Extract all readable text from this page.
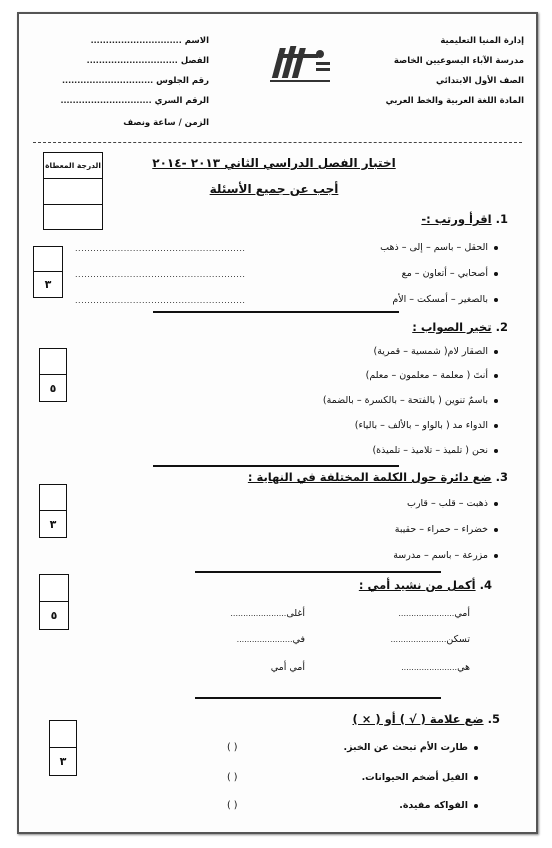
إدارة المنيا التعليمية
مدرسة الآباء اليسوعيين الخاصة
الصف الأول الابتدائي
المادة اللغة العربية والخط العربي
الاسم ..............................
الفصل ..............................
رقم الجلوس ..............................
الرقم السري ..............................
الزمن / ساعة ونصف
اختبار الفصل الدراسي الثاني ٢٠١٣ -٢٠١٤
أجب عن جميع الأسئلة
الدرجة المعطاة
1. اقرأ ورتب :-
٣
الحقل – باسم – إلى – ذهب
........................................................
أصحابي – أتعاون – مع
........................................................
بالصغير – أمسكت – الأم
........................................................
2. تخير الصواب :
٥
الصقار لام( شمسية – قمرية)
أنتَ ( معلمة – معلمون – معلم)
باسمٌ تنوين ( بالفتحة – بالكسرة – بالضمة)
الدواء مد ( بالواو – بالألف – بالياء)
نحن ( تلميذ – تلاميذ – تلميذة)
3. ضع دائرة حول الكلمة المختلفة في النهاية :
٣
ذهبت – قلب – قارب
خضراء – حمراء – حقيبة
مزرعة – باسم – مدرسة
4. أكمل من نشيد أمي :
٥	أمي......................
أغلى......................
تسكن......................
في......................
هي......................
أمي أمي
5. ضع علامة ( √ ) أو ( × )
٣
طارت الأم تبحث عن الخبز.
( )
الفيل أضخم الحيوانات.
( )
الفواكه مفيدة.
( )
